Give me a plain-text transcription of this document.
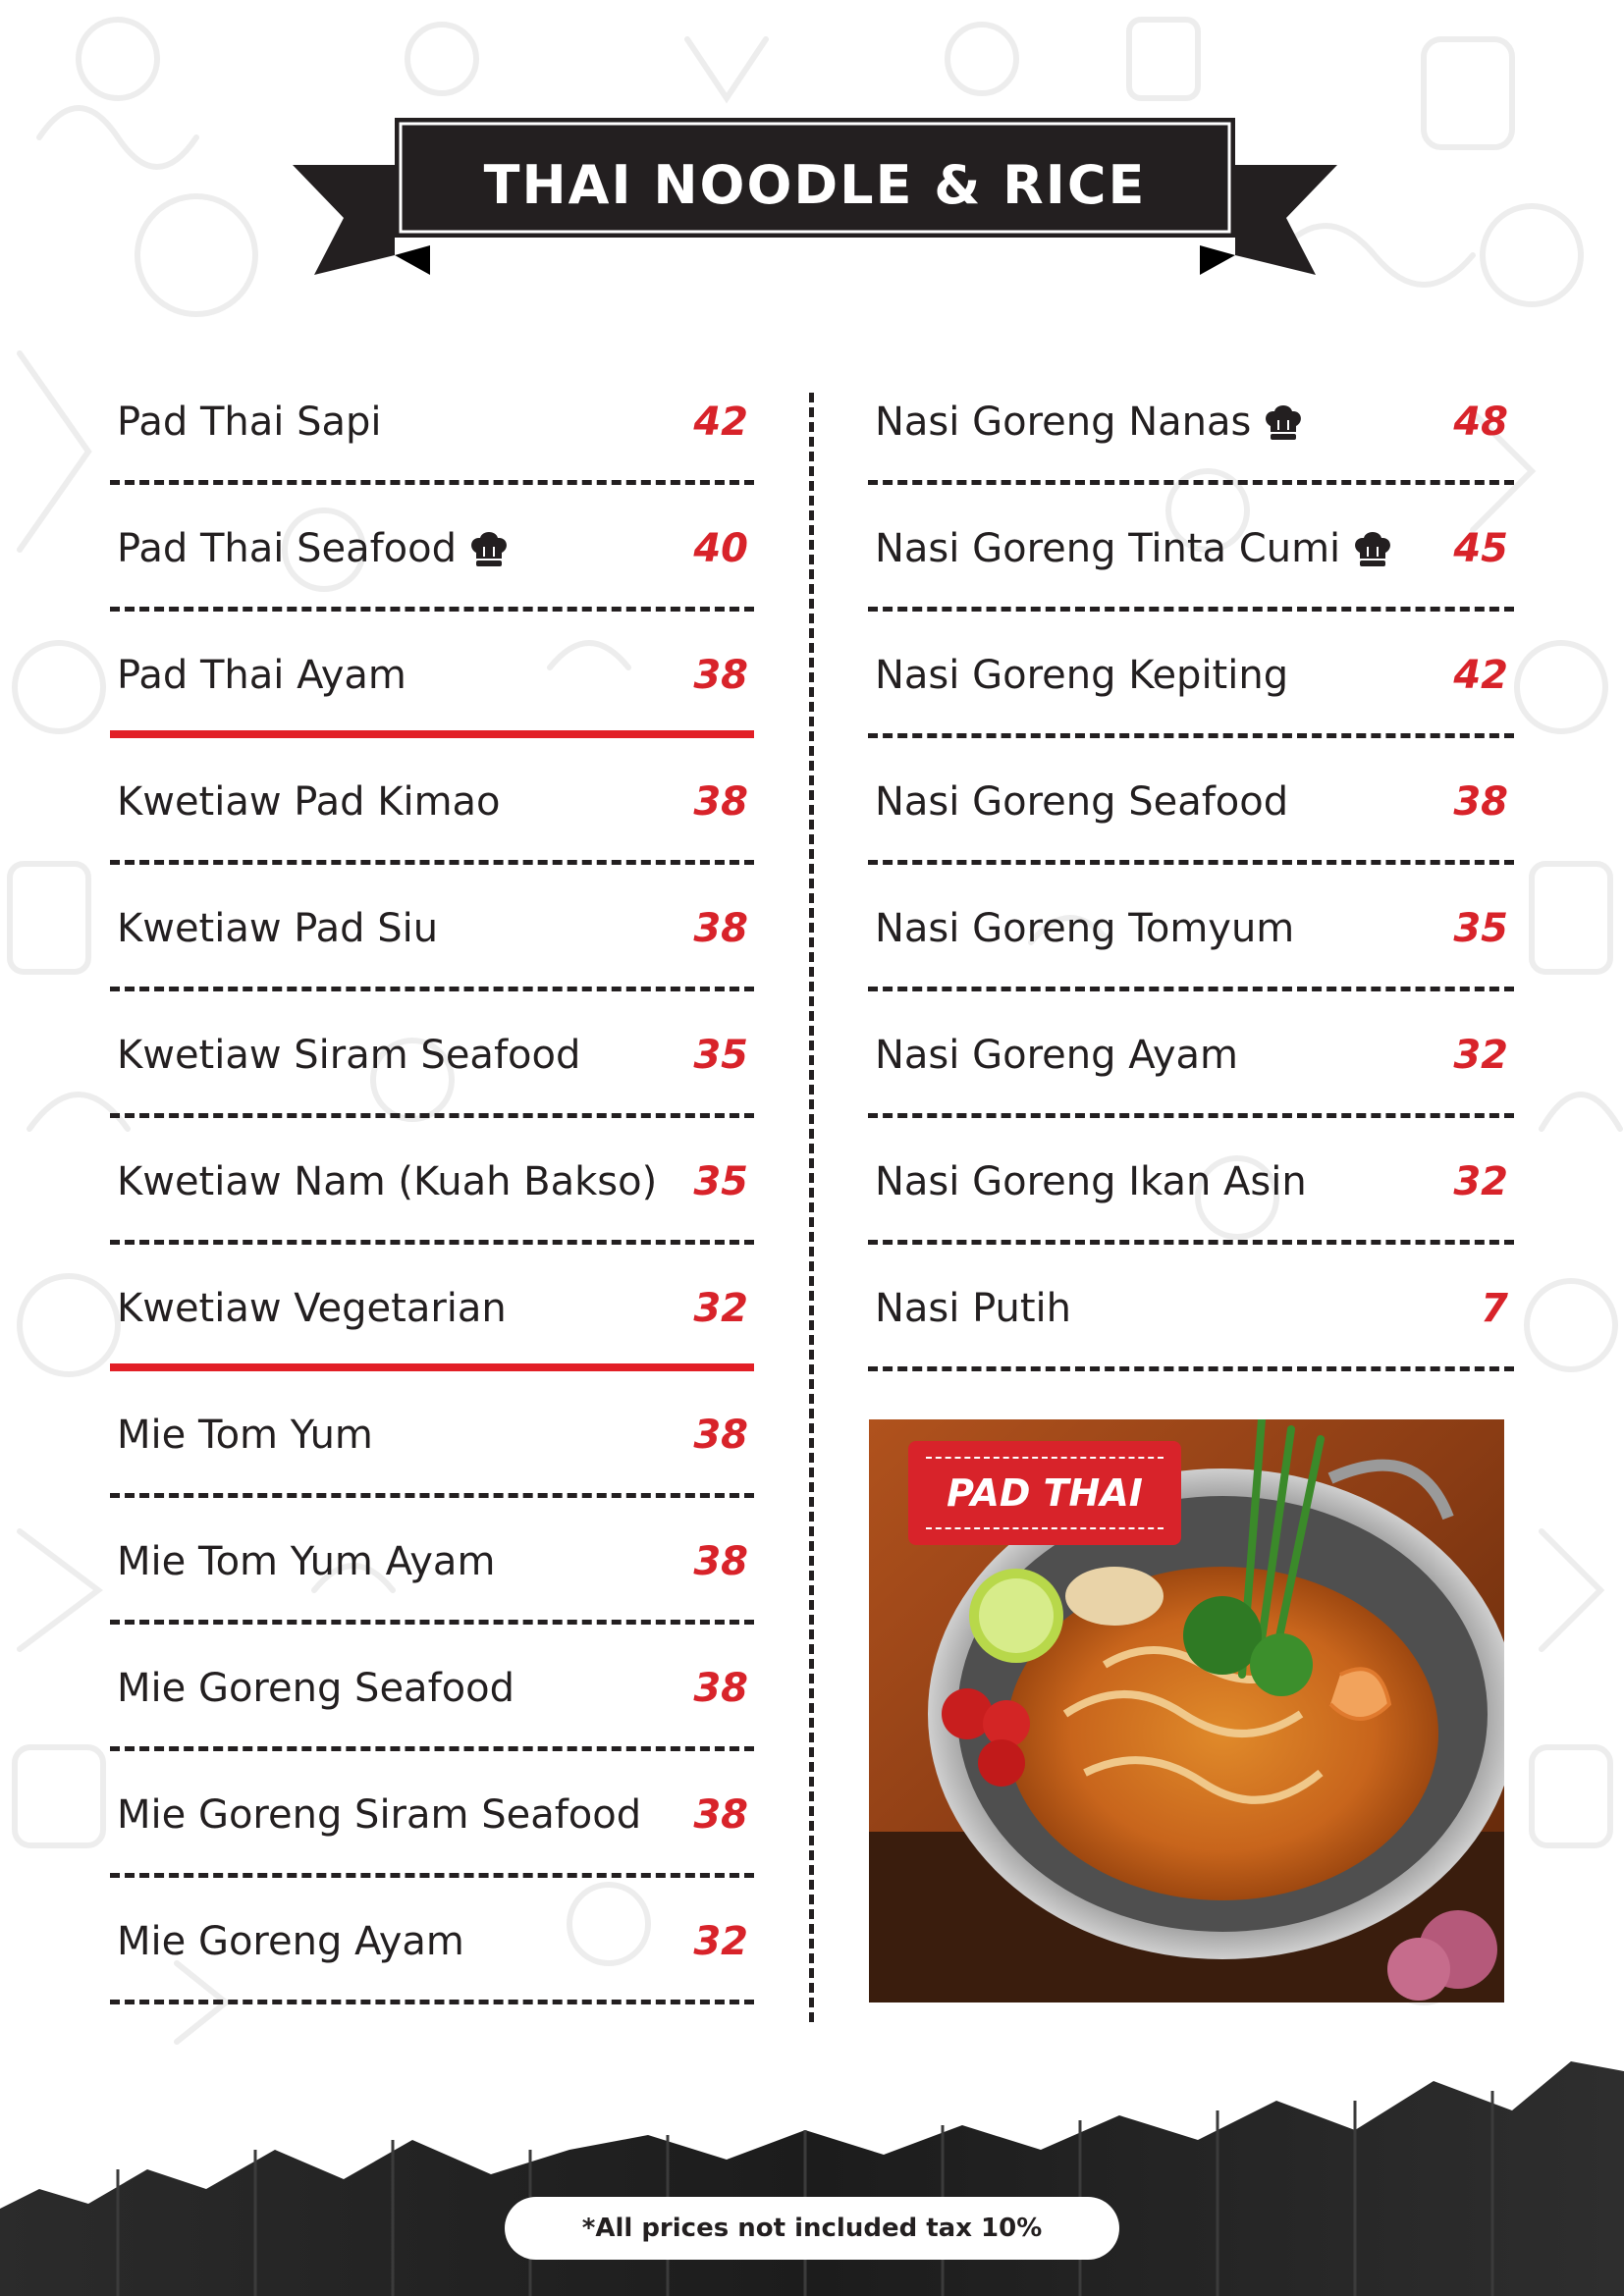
THAI NOODLE & RICE
Pad Thai Sapi	42
Pad Thai Seafood	40
Pad Thai Ayam	38
Kwetiaw Pad Kimao	38
Kwetiaw Pad Siu	38
Kwetiaw Siram Seafood	35
Kwetiaw Nam (Kuah Bakso) 35
Kwetiaw Vegetarian	32
Mie Tom Yum	38
Mie Tom Yum Ayam	38
Mie Goreng Seafood	38
Mie Goreng Siram Seafood 38
Mie Goreng Ayam	32
Nasi Goreng Nanas	48
Nasi Goreng Tinta Cumi	45
Nasi Goreng Kepiting	42
Nasi Goreng Seafood	38
Nasi Goreng Tomyum	35
Nasi Goreng Ayam	32
Nasi Goreng Ikan Asin	32
Nasi Putih	7
PAD THAI
*All prices not included tax 10%
